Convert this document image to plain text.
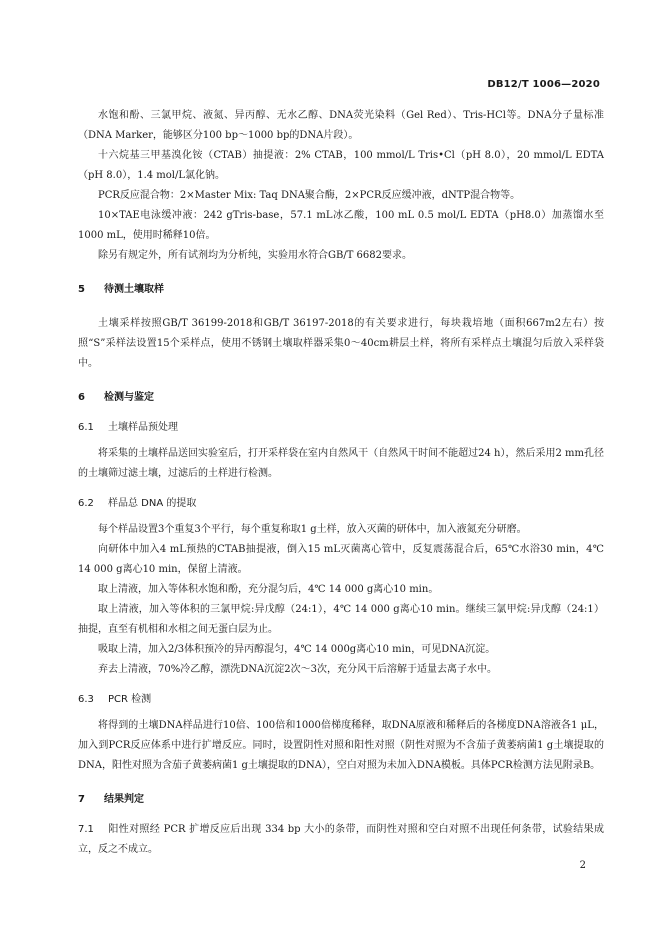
DB12/T 1006—2020

水饱和酚、三氯甲烷、液氮、异丙醇、无水乙醇、DNA荧光染料（Gel Red）、Tris-HCl等。DNA分子量标准（DNA Marker，能够区分100 bp～1000 bp的DNA片段）。

十六烷基三甲基溴化铵（CTAB）抽提液：2% CTAB，100 mmol/L Tris•Cl（pH 8.0），20 mmol/L EDTA（pH 8.0），1.4 mol/L氯化钠。

PCR反应混合物：2×Master Mix: Taq DNA聚合酶，2×PCR反应缓冲液，dNTP混合物等。

10×TAE电泳缓冲液：242 gTris-base，57.1 mL冰乙酸，100 mL 0.5 mol/L EDTA（pH8.0）加蒸馏水至1000 mL，使用时稀释10倍。

除另有规定外，所有试剂均为分析纯，实验用水符合GB/T 6682要求。

5 待测土壤取样

土壤采样按照GB/T 36199-2018和GB/T 36197-2018的有关要求进行，每块栽培地（面积667m2左右）按照“S”采样法设置15个采样点，使用不锈钢土壤取样器采集0～40cm耕层土样，将所有采样点土壤混匀后放入采样袋中。

6 检测与鉴定

6.1 土壤样品预处理

将采集的土壤样品送回实验室后，打开采样袋在室内自然风干（自然风干时间不能超过24 h），然后采用2 mm孔径的土壤筛过滤土壤，过滤后的土样进行检测。

6.2 样品总 DNA 的提取

每个样品设置3个重复3个平行，每个重复称取1 g土样，放入灭菌的研体中，加入液氮充分研磨。

向研体中加入4 mL预热的CTAB抽提液，倒入15 mL灭菌离心管中，反复震荡混合后，65℃水浴30 min，4℃ 14 000 g离心10 min，保留上清液。

取上清液，加入等体积水饱和酚，充分混匀后，4℃ 14 000 g离心10 min。

取上清液，加入等体积的三氯甲烷:异戊醇（24:1），4℃ 14 000 g离心10 min。继续三氯甲烷:异戊醇（24:1）抽提，直至有机相和水相之间无蛋白层为止。

吸取上清，加入2/3体积预冷的异丙醇混匀，4℃ 14 000g离心10 min，可见DNA沉淀。

弃去上清液，70%冷乙醇，漂洗DNA沉淀2次～3次，充分风干后溶解于适量去离子水中。

6.3 PCR 检测

将得到的土壤DNA样品进行10倍、100倍和1000倍梯度稀释，取DNA原液和稀释后的各梯度DNA溶液各1 μL，加入到PCR反应体系中进行扩增反应。同时，设置阴性对照和阳性对照（阴性对照为不含茄子黄萎病菌1 g土壤提取的DNA，阳性对照为含茄子黄萎病菌1 g土壤提取的DNA），空白对照为未加入DNA模板。具体PCR检测方法见附录B。

7 结果判定

7.1 阳性对照经 PCR 扩增反应后出现 334 bp 大小的条带，而阴性对照和空白对照不出现任何条带，试验结果成立，反之不成立。

2
